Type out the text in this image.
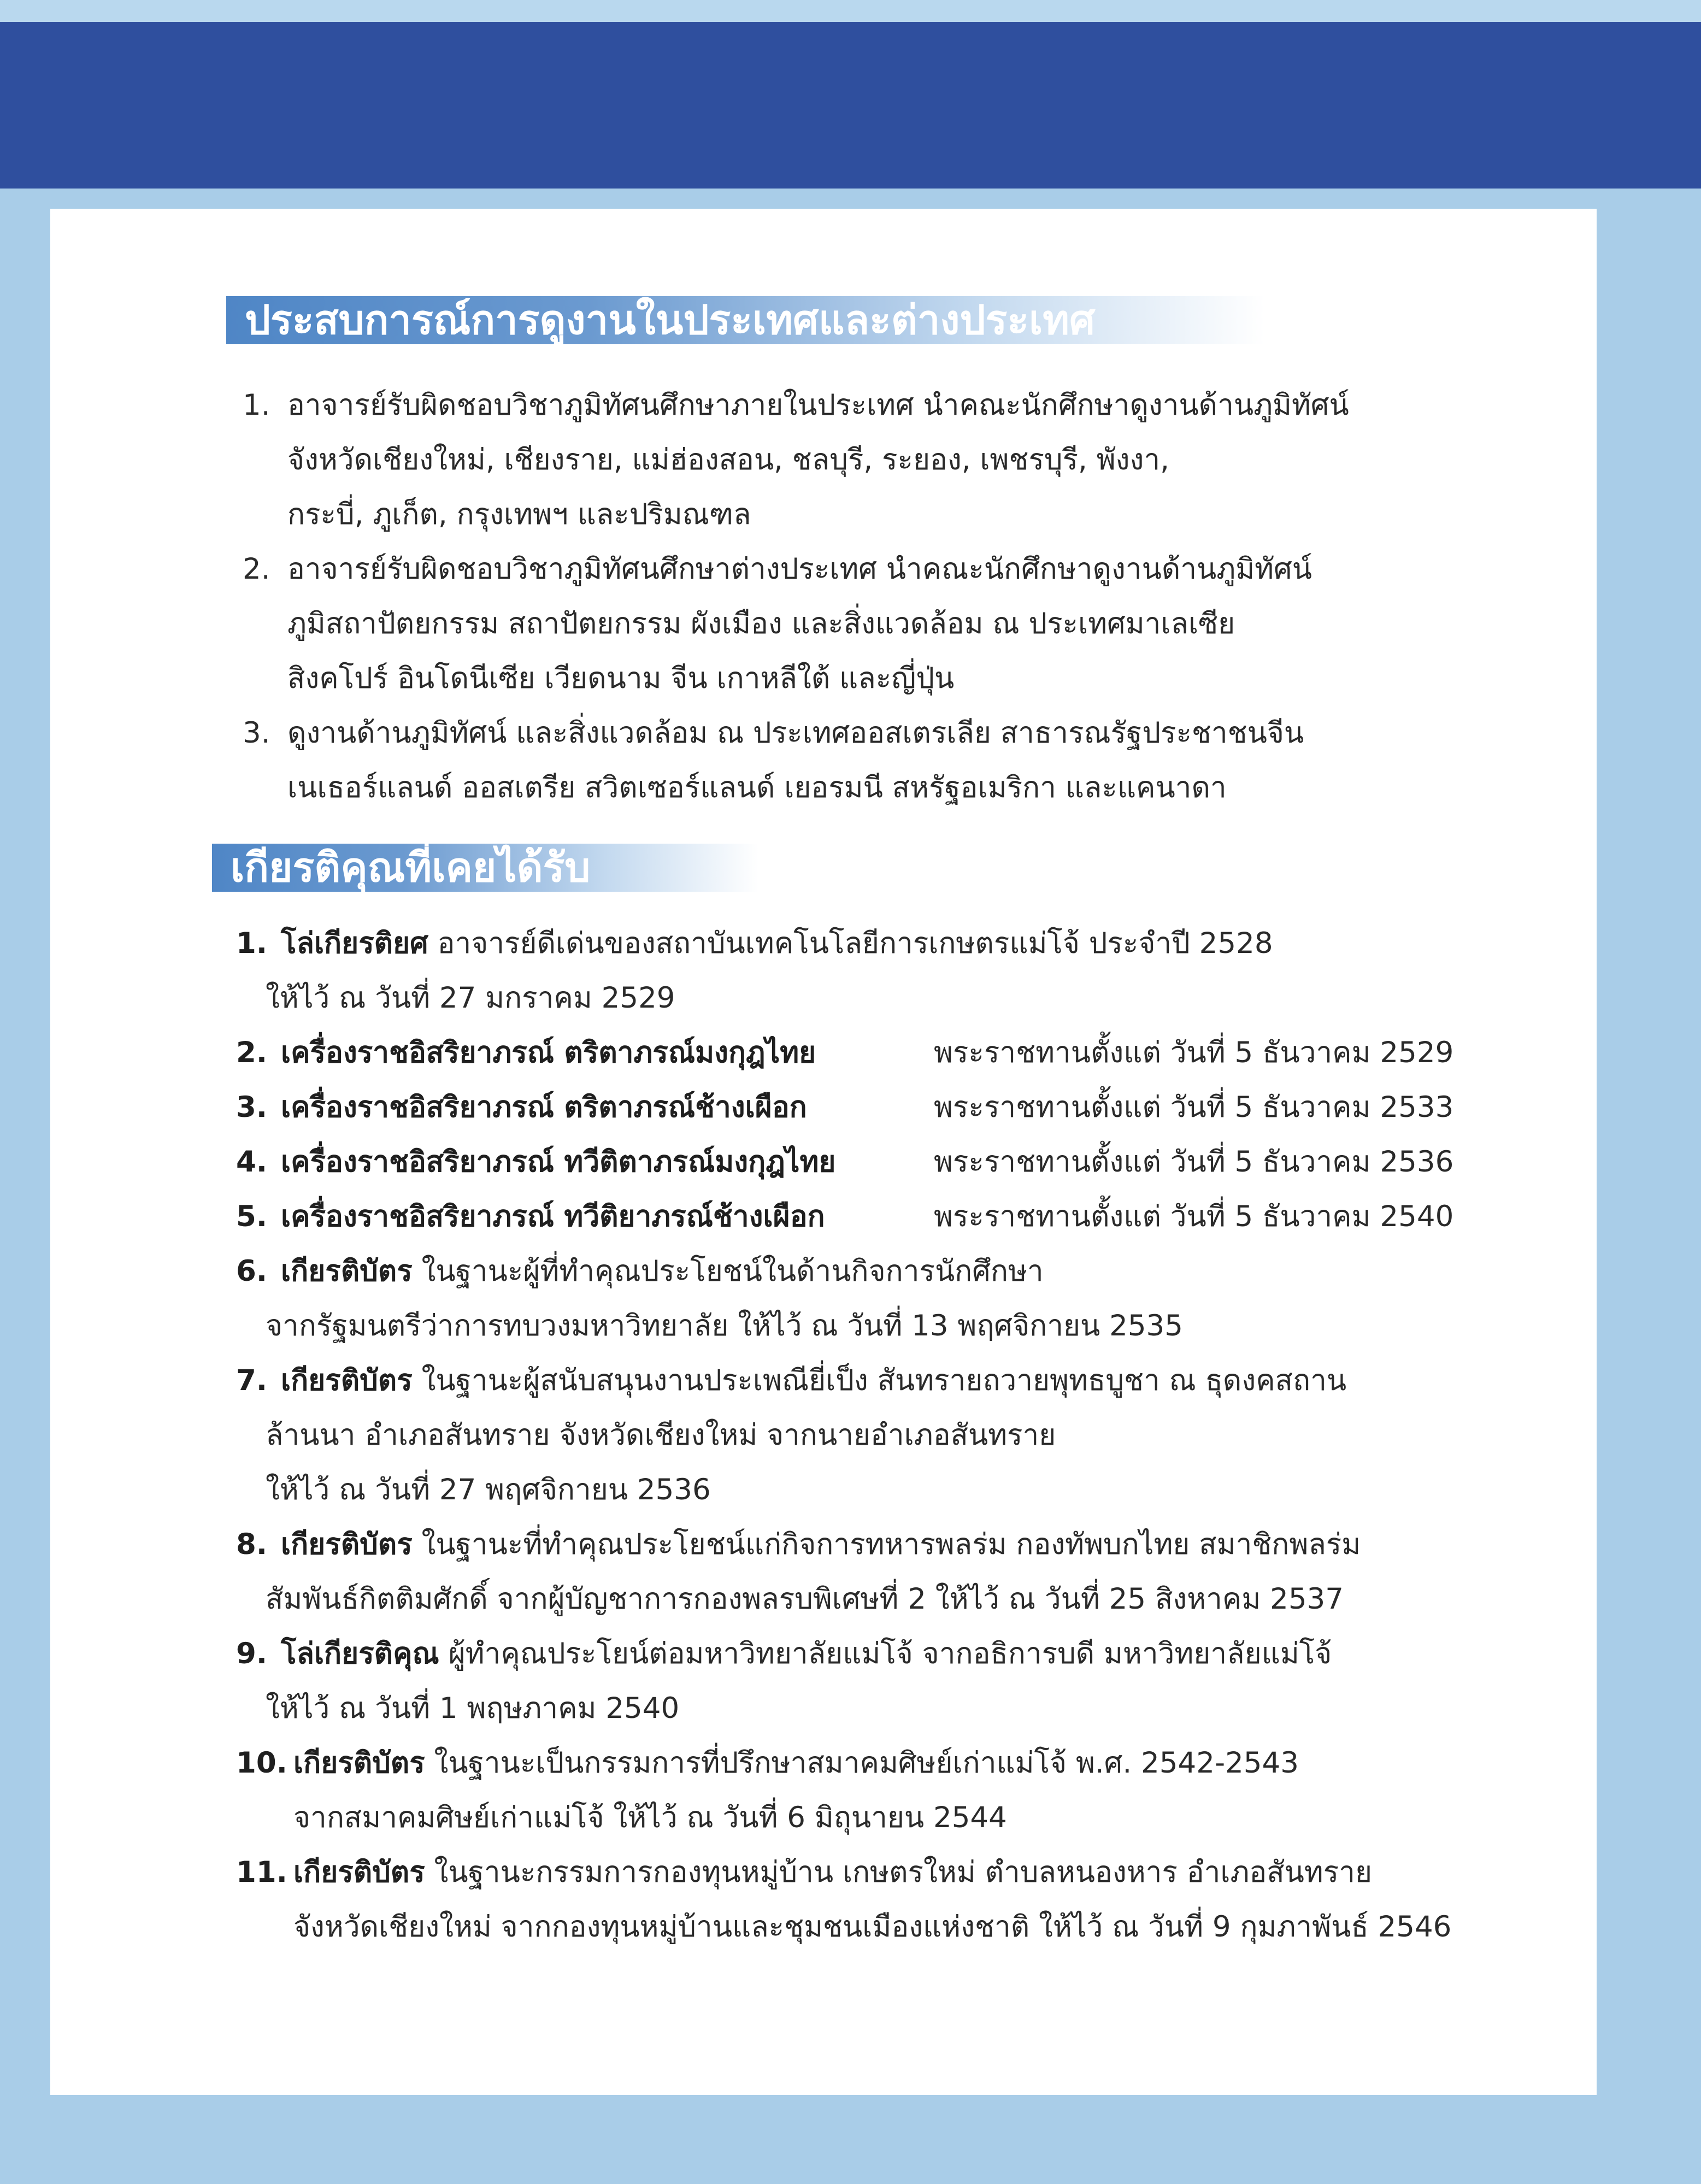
ประสบการณ์การดูงานในประเทศและต่างประเทศ
1. อาจารย์รับผิดชอบวิชาภูมิทัศนศึกษาภายในประเทศ นำคณะนักศึกษาดูงานด้านภูมิทัศน์
จังหวัดเชียงใหม่, เชียงราย, แม่ฮ่องสอน, ชลบุรี, ระยอง, เพชรบุรี, พังงา,
กระบี่, ภูเก็ต, กรุงเทพฯ และปริมณฑล
2. อาจารย์รับผิดชอบวิชาภูมิทัศนศึกษาต่างประเทศ นำคณะนักศึกษาดูงานด้านภูมิทัศน์
ภูมิสถาปัตยกรรม สถาปัตยกรรม ผังเมือง และสิ่งแวดล้อม ณ ประเทศมาเลเซีย
สิงคโปร์ อินโดนีเซีย เวียดนาม จีน เกาหลีใต้ และญี่ปุ่น
3. ดูงานด้านภูมิทัศน์ และสิ่งแวดล้อม ณ ประเทศออสเตรเลีย สาธารณรัฐประชาชนจีน
เนเธอร์แลนด์ ออสเตรีย สวิตเซอร์แลนด์ เยอรมนี สหรัฐอเมริกา และแคนาดา
เกียรติคุณที่เคยได้รับ
1. โล่เกียรติยศ อาจารย์ดีเด่นของสถาบันเทคโนโลยีการเกษตรแม่โจ้ ประจำปี 2528
ให้ไว้ ณ วันที่ 27 มกราคม 2529
2. เครื่องราชอิสริยาภรณ์ ตริตาภรณ์มงกุฎไทย	พระราชทานตั้งแต่ วันที่ 5 ธันวาคม 2529
3. เครื่องราชอิสริยาภรณ์ ตริตาภรณ์ช้างเผือก	พระราชทานตั้งแต่ วันที่ 5 ธันวาคม 2533
4. เครื่องราชอิสริยาภรณ์ ทวีติตาภรณ์มงกุฎไทย	พระราชทานตั้งแต่ วันที่ 5 ธันวาคม 2536
5. เครื่องราชอิสริยาภรณ์ ทวีติยาภรณ์ช้างเผือก	พระราชทานตั้งแต่ วันที่ 5 ธันวาคม 2540
6. เกียรติบัตร ในฐานะผู้ที่ทำคุณประโยชน์ในด้านกิจการนักศึกษา
จากรัฐมนตรีว่าการทบวงมหาวิทยาลัย ให้ไว้ ณ วันที่ 13 พฤศจิกายน 2535
7. เกียรติบัตร ในฐานะผู้สนับสนุนงานประเพณียี่เป็ง สันทรายถวายพุทธบูชา ณ ธุดงคสถาน
ล้านนา อำเภอสันทราย จังหวัดเชียงใหม่ จากนายอำเภอสันทราย
ให้ไว้ ณ วันที่ 27 พฤศจิกายน 2536
8. เกียรติบัตร ในฐานะที่ทำคุณประโยชน์แก่กิจการทหารพลร่ม กองทัพบกไทย สมาชิกพลร่ม
สัมพันธ์กิตติมศักดิ์ จากผู้บัญชาการกองพลรบพิเศษที่ 2 ให้ไว้ ณ วันที่ 25 สิงหาคม 2537
9. โล่เกียรติคุณ ผู้ทำคุณประโยน์ต่อมหาวิทยาลัยแม่โจ้ จากอธิการบดี มหาวิทยาลัยแม่โจ้
ให้ไว้ ณ วันที่ 1 พฤษภาคม 2540
10. เกียรติบัตร ในฐานะเป็นกรรมการที่ปรึกษาสมาคมศิษย์เก่าแม่โจ้ พ.ศ. 2542-2543
จากสมาคมศิษย์เก่าแม่โจ้ ให้ไว้ ณ วันที่ 6 มิถุนายน 2544
11. เกียรติบัตร ในฐานะกรรมการกองทุนหมู่บ้าน เกษตรใหม่ ตำบลหนองหาร อำเภอสันทราย
จังหวัดเชียงใหม่ จากกองทุนหมู่บ้านและชุมชนเมืองแห่งชาติ ให้ไว้ ณ วันที่ 9 กุมภาพันธ์ 2546
